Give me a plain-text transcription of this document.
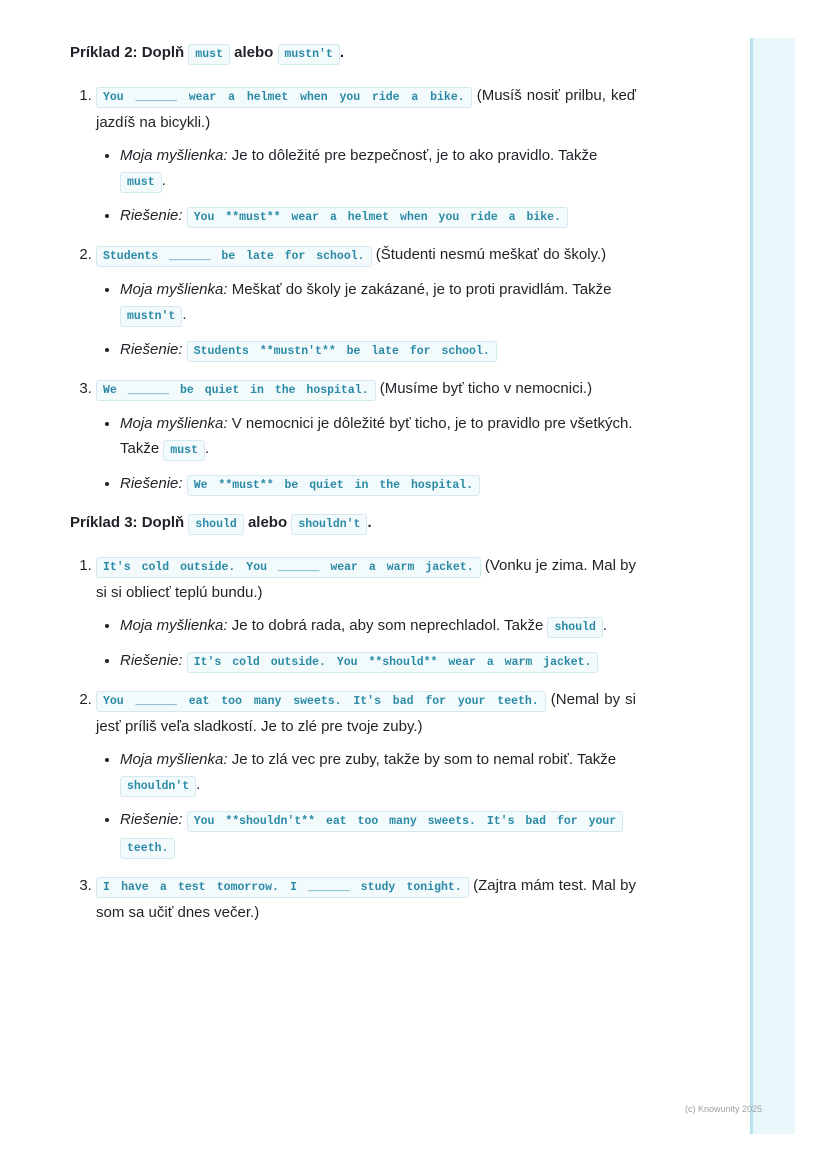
Príklad 2: Doplň must alebo mustn't .
1. You ______ wear a helmet when you ride a bike. (Musíš nosiť prilbu, keď jazdíš na bicykli.)
• Moja myšlienka: Je to dôležité pre bezpečnosť, je to ako pravidlo. Takže must .
• Riešenie: You **must** wear a helmet when you ride a bike.
2. Students ______ be late for school. (Študenti nesmú meškať do školy.)
• Moja myšlienka: Meškať do školy je zakázané, je to proti pravidlám. Takže mustn't .
• Riešenie: Students **mustn't** be late for school.
3. We ______ be quiet in the hospital. (Musíme byť ticho v nemocnici.)
• Moja myšlienka: V nemocnici je dôležité byť ticho, je to pravidlo pre všetkých. Takže must .
• Riešenie: We **must** be quiet in the hospital.
Príklad 3: Doplň should alebo shouldn't .
1. It's cold outside. You ______ wear a warm jacket. (Vonku je zima. Mal by si si obliecť teplú bundu.)
• Moja myšlienka: Je to dobrá rada, aby som neprechladol. Takže should .
• Riešenie: It's cold outside. You **should** wear a warm jacket.
2. You ______ eat too many sweets. It's bad for your teeth. (Nemal by si jesť príliš veľa sladkostí. Je to zlé pre tvoje zuby.)
• Moja myšlienka: Je to zlá vec pre zuby, takže by som to nemal robiť. Takže shouldn't .
• Riešenie: You **shouldn't** eat too many sweets. It's bad for your teeth.
3. I have a test tomorrow. I ______ study tonight. (Zajtra mám test. Mal by som sa učiť dnes večer.)
(c) Knowunity 2025
